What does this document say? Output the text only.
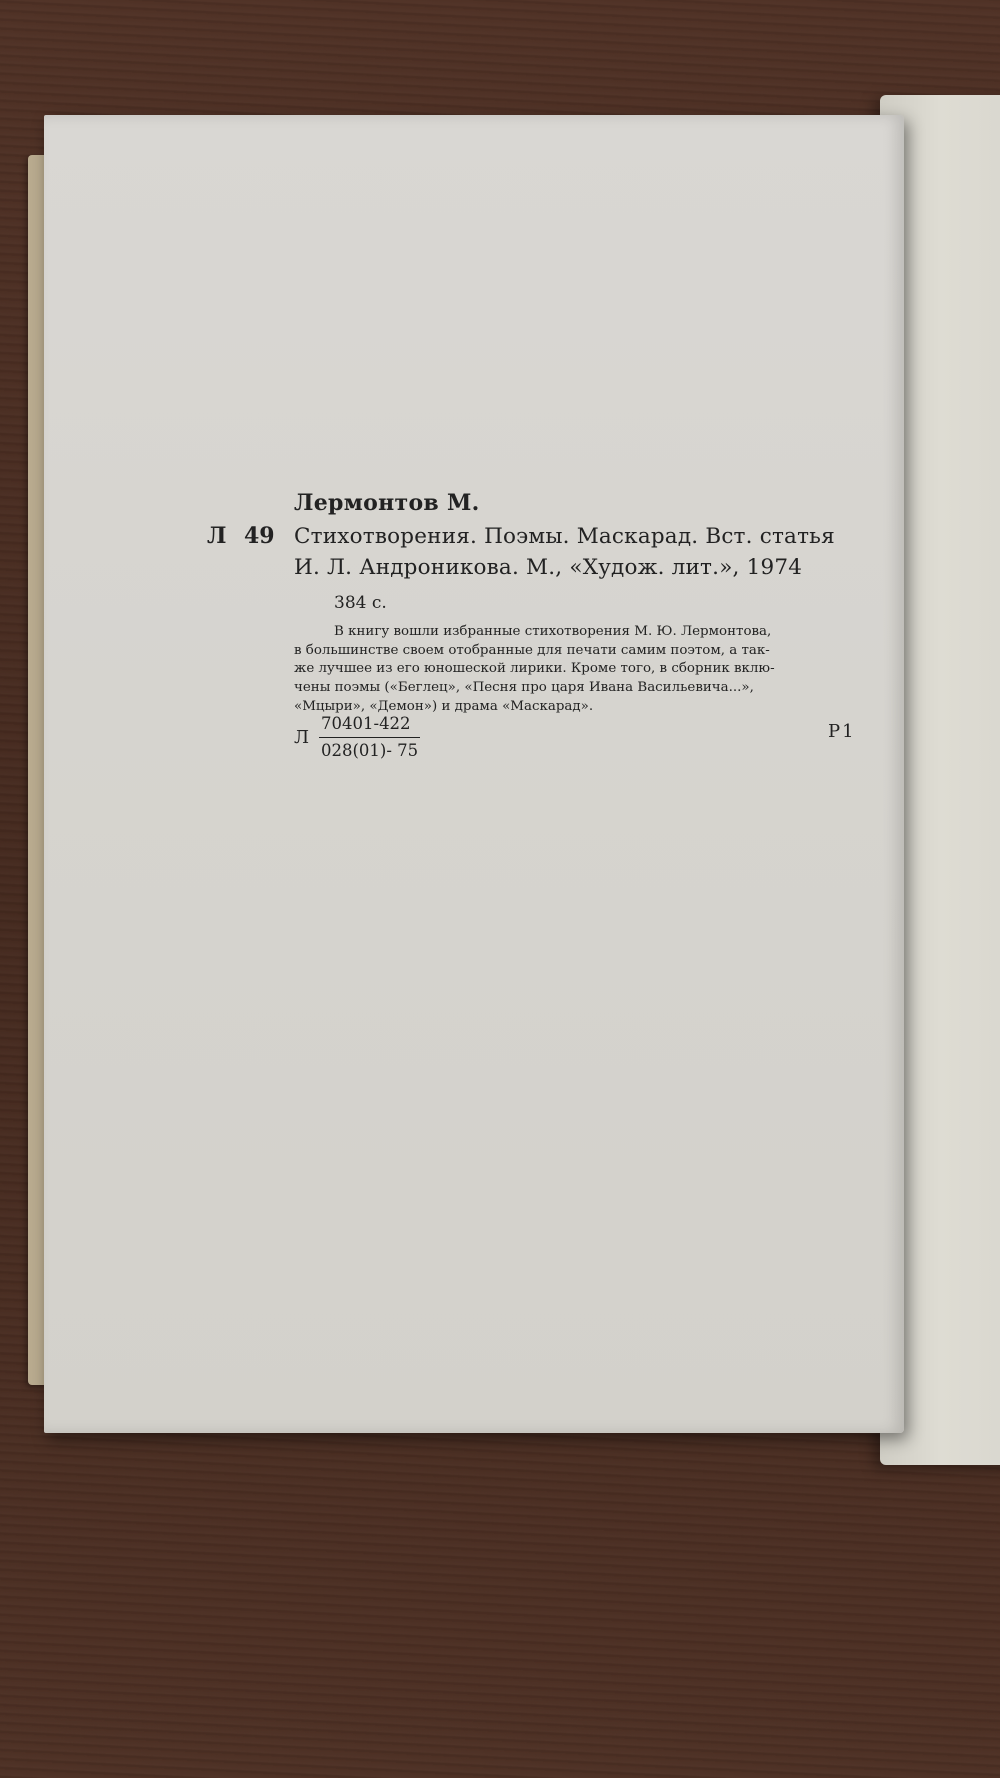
Лермонтов М.
Л 49 Стихотворения. Поэмы. Маскарад. Вст. статья
И. Л. Андроникова. М., «Худож. лит.», 1974
384 с.
В книгу вошли избранные стихотворения М. Ю. Лермонтова,
в большинстве своем отобранные для печати самим поэтом, а так-
же лучшее из его юношеской лирики. Кроме того, в сборник вклю-
чены поэмы («Беглец», «Песня про царя Ивана Васильевича...»,
«Мцыри», «Демон») и драма «Маскарад».
Л $\frac{70401-422}{028(01)- 75}$	Р1
